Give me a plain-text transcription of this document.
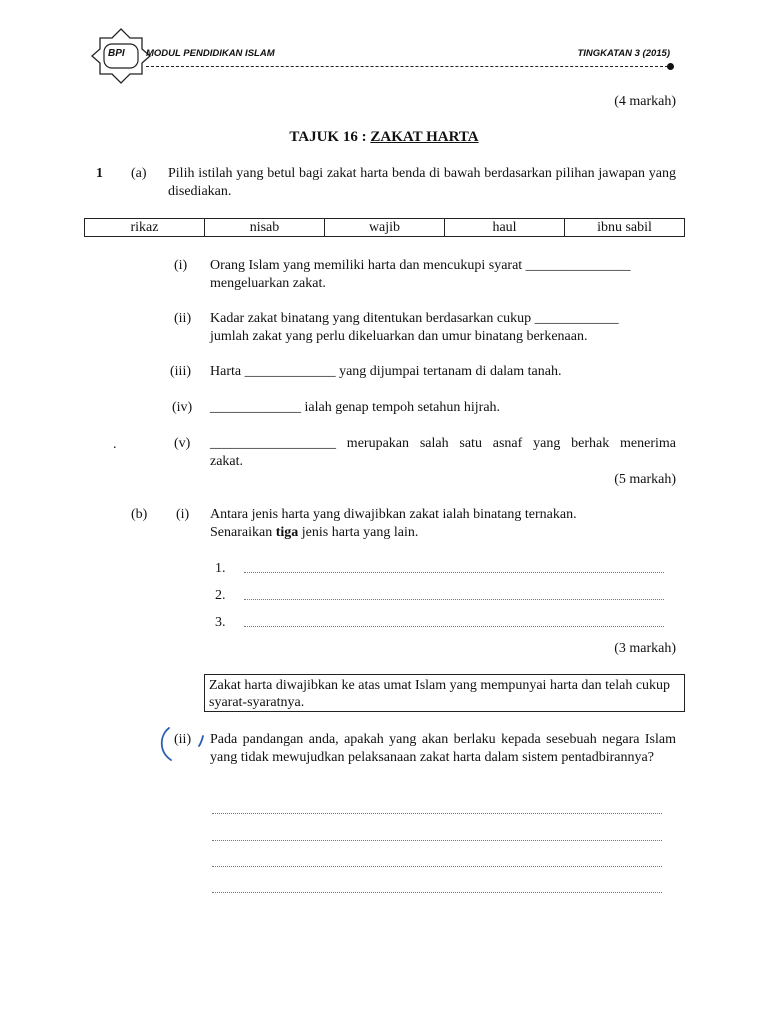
BPI MODUL PENDIDIKAN ISLAM	TINGKATAN 3 (2015)
(4 markah)
TAJUK 16 : ZAKAT HARTA
1 (a) Pilih istilah yang betul bagi zakat harta benda di bawah berdasarkan pilihan jawapan yang disediakan.
rikaz	nisab	wajib	haul	ibnu sabil
(i) Orang Islam yang memiliki harta dan mencukupi syarat _______________
mengeluarkan zakat.
(ii) Kadar zakat binatang yang ditentukan berdasarkan cukup ____________
jumlah zakat yang perlu dikeluarkan dan umur binatang berkenaan.
(iii) Harta _____________ yang dijumpai tertanam di dalam tanah.
(iv) _____________ ialah genap tempoh setahun hijrah.
.	(v) __________________ merupakan salah satu asnaf yang berhak menerima
zakat.
(5 markah)
(b) (i) Antara jenis harta yang diwajibkan zakat ialah binatang ternakan.
Senaraikan tiga jenis harta yang lain.
1.
2.
3.
(3 markah)
Zakat harta diwajibkan ke atas umat Islam yang mempunyai harta dan telah cukup syarat-syaratnya.
(ii) Pada pandangan anda, apakah yang akan berlaku kepada sesebuah negara Islam yang tidak mewujudkan pelaksanaan zakat harta dalam sistem pentadbirannya?
